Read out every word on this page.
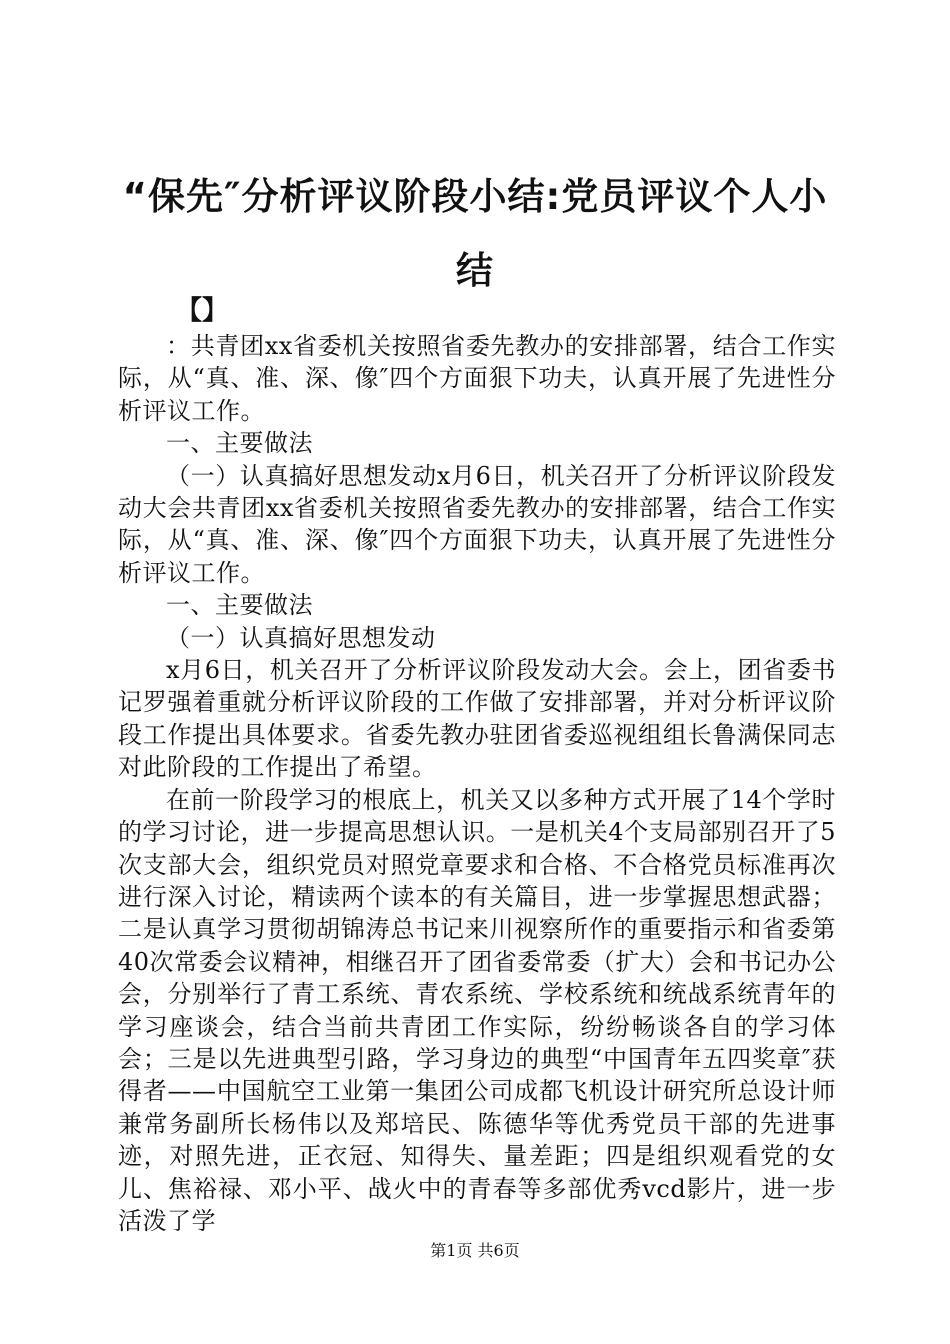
“保先″分析评议阶段小结:党员评议个人小结
【】

：共青团xx省委机关按照省委先教办的安排部署，结合工作实际，从“真、准、深、像″四个方面狠下功夫，认真开展了先进性分析评议工作。

一、主要做法

（一）认真搞好思想发动x月6日，机关召开了分析评议阶段发动大会共青团xx省委机关按照省委先教办的安排部署，结合工作实际，从“真、准、深、像″四个方面狠下功夫，认真开展了先进性分析评议工作。

一、主要做法

（一）认真搞好思想发动

x月6日，机关召开了分析评议阶段发动大会。会上，团省委书记罗强着重就分析评议阶段的工作做了安排部署，并对分析评议阶段工作提出具体要求。省委先教办驻团省委巡视组组长鲁满保同志对此阶段的工作提出了希望。

在前一阶段学习的根底上，机关又以多种方式开展了14个学时的学习讨论，进一步提高思想认识。一是机关4个支局部别召开了5次支部大会，组织党员对照党章要求和合格、不合格党员标准再次进行深入讨论，精读两个读本的有关篇目，进一步掌握思想武器；二是认真学习贯彻胡锦涛总书记来川视察所作的重要指示和省委第40次常委会议精神，相继召开了团省委常委（扩大）会和书记办公会，分别举行了青工系统、青农系统、学校系统和统战系统青年的学习座谈会，结合当前共青团工作实际，纷纷畅谈各自的学习体会；三是以先进典型引路，学习身边的典型“中国青年五四奖章″获得者——中国航空工业第一集团公司成都飞机设计研究所总设计师兼常务副所长杨伟以及郑培民、陈德华等优秀党员干部的先进事迹，对照先进，正衣冠、知得失、量差距；四是组织观看党的女儿、焦裕禄、邓小平、战火中的青春等多部优秀vcd影片，进一步活泼了学

第1页 共6页
